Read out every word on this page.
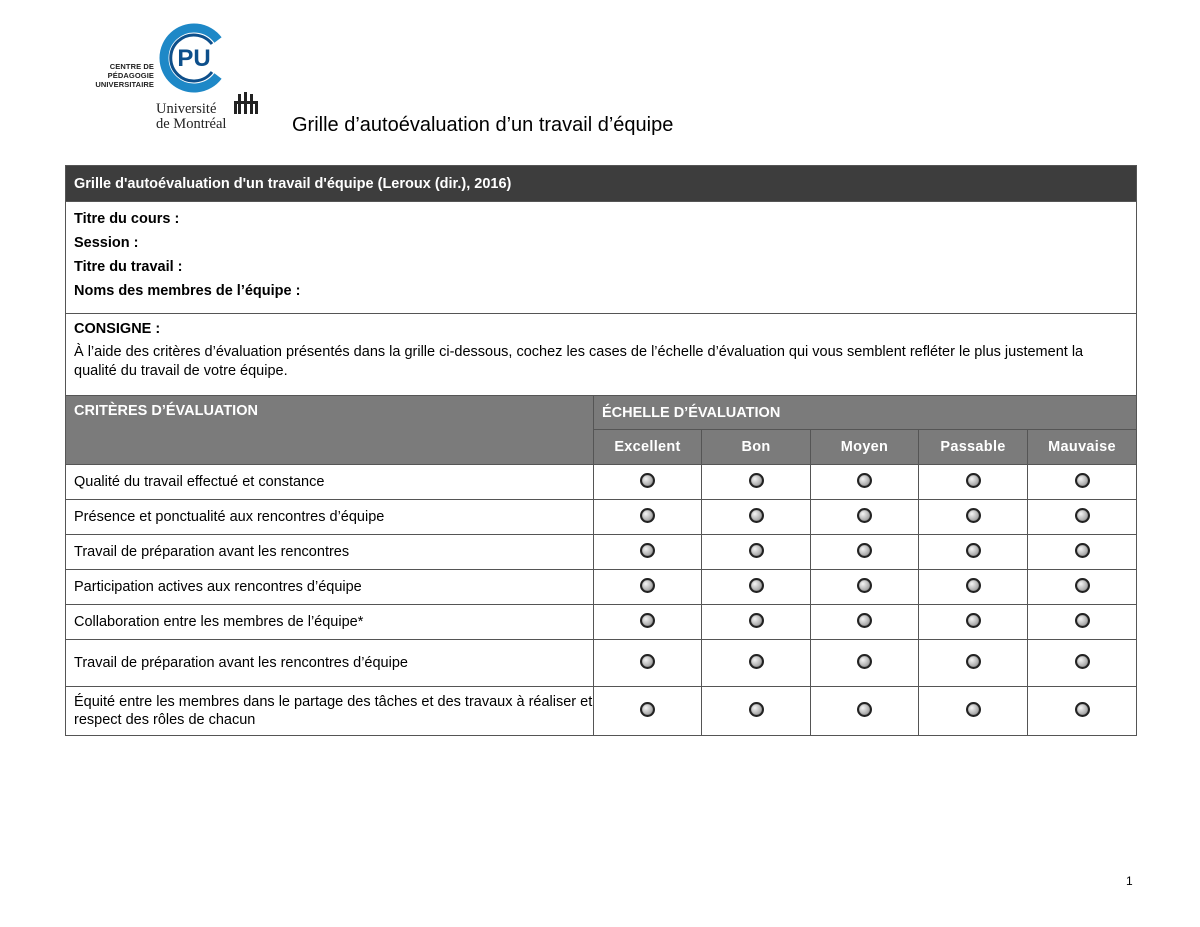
CENTRE DE
PÉDAGOGIE
UNIVERSITAIRE
PU
Université
de Montréal	Grille d’autoévaluation d’un travail d’équipe
Grille d'autoévaluation d'un travail d'équipe (Leroux (dir.), 2016)					

Titre du cours :
Session :
Titre du travail :
Noms des membres de l’équipe :					

CONSIGNE :
À l’aide des critères d’évaluation présentés dans la grille ci-dessous, cochez les cases de l’échelle d’évaluation qui vous semblent refléter le plus justement la qualité du travail de votre équipe.					

CRITÈRES D’ÉVALUATION	ÉCHELLE D’ÉVALUATION				
	Excellent	Bon	Moyen	Passable	Mauvaise
Qualité du travail effectué et constance					
Présence et ponctualité aux rencontres d’équipe					
Travail de préparation avant les rencontres					
Participation actives aux rencontres d’équipe					
Collaboration entre les membres de l’équipe*					
Travail de préparation avant les rencontres d’équipe					
Équité entre les membres dans le partage des tâches et des travaux à réaliser et respect des rôles de chacun					
1
